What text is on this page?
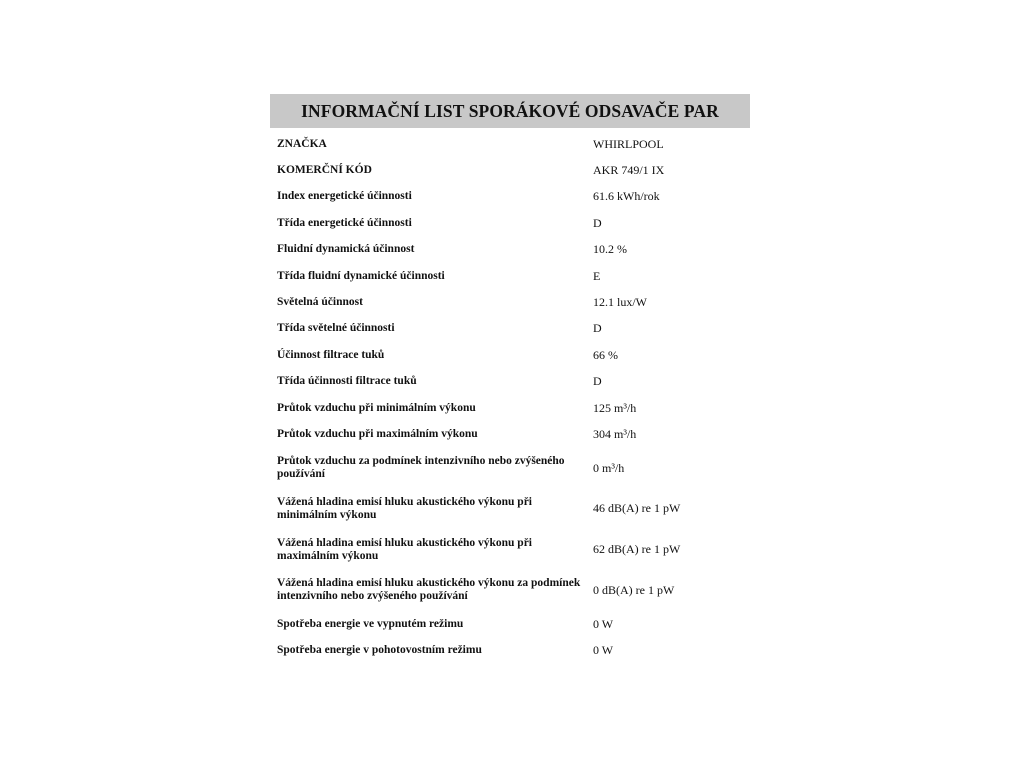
INFORMAČNÍ LIST SPORÁKOVÉ ODSAVAČE PAR
ZNAČKA	WHIRLPOOL
KOMERČNÍ KÓD	AKR 749/1 IX
Index energetické účinnosti	61.6 kWh/rok
Třída energetické účinnosti	D
Fluidní dynamická účinnost	10.2 %
Třída fluidní dynamické účinnosti	E
Světelná účinnost	12.1 lux/W
Třída světelné účinnosti	D
Účinnost filtrace tuků	66 %
Třída účinnosti filtrace tuků	D
Průtok vzduchu při minimálním výkonu	125 m³/h
Průtok vzduchu při maximálním výkonu	304 m³/h
Průtok vzduchu za podmínek intenzivního nebo zvýšeného používání	0 m³/h
Vážená hladina emisí hluku akustického výkonu při minimálním výkonu	46 dB(A) re 1 pW
Vážená hladina emisí hluku akustického výkonu při maximálním výkonu	62 dB(A) re 1 pW
Vážená hladina emisí hluku akustického výkonu za podmínek intenzivního nebo zvýšeného používání	0 dB(A) re 1 pW
Spotřeba energie ve vypnutém režimu	0 W
Spotřeba energie v pohotovostním režimu	0 W
